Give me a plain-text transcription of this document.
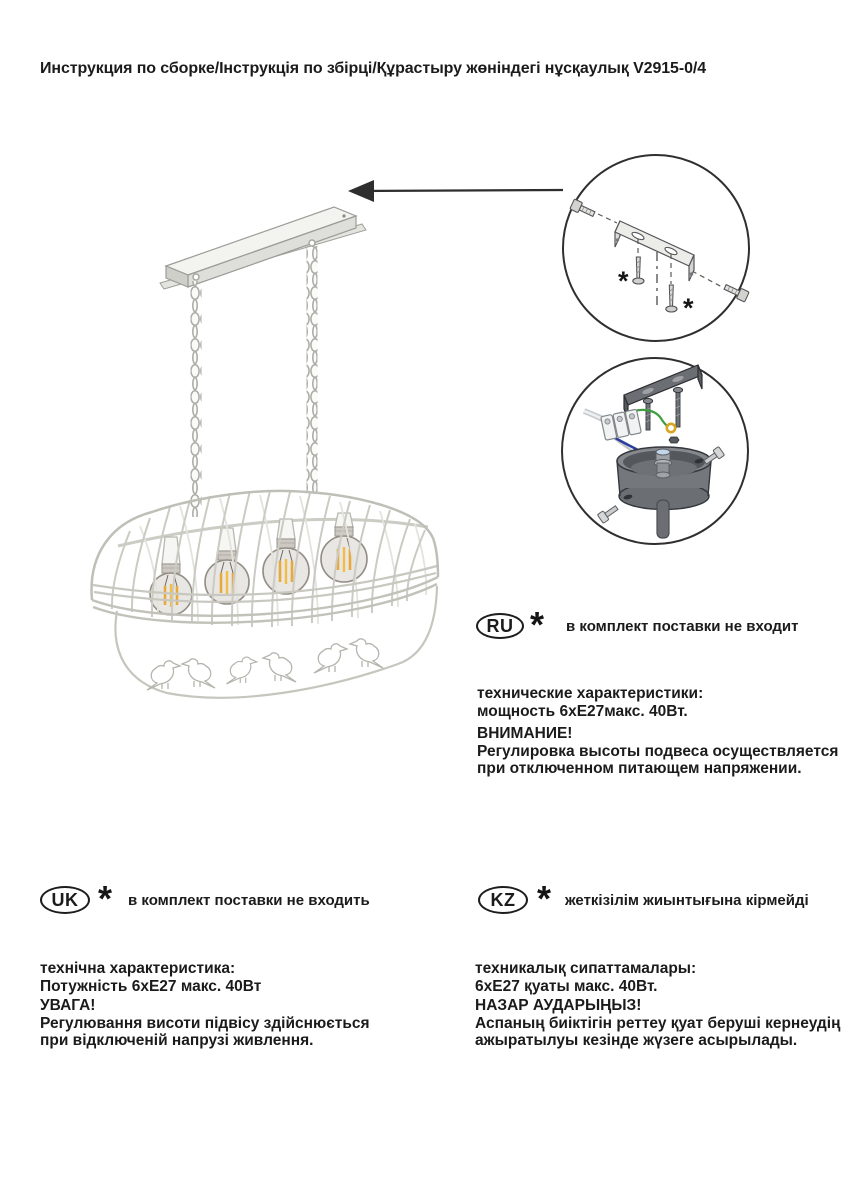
*
*
Инструкция по сборке/Інструкція по збірці/Құрастыру жөніндегі нұсқаулық V2915-0/4
RU * в комплект поставки не входит
технические характеристики:
мощность 6хЕ27макс. 40Вт.
ВНИМАНИЕ!
Регулировка высоты подвеса осуществляется
при отключенном питающем напряжении.
UK * в комплект поставки не входить
технічна характеристика:
Потужність 6хЕ27 макс. 40Вт
УВАГА!
Регулювання висоти підвісу здійснюється
при відключеній напрузі живлення.
KZ * жеткізілім жиынтығына кірмейді
техникалық сипаттамалары:
6хЕ27 қуаты макс. 40Вт.
НАЗАР АУДАРЫҢЫЗ!
Аспаның биіктігін реттеу қуат беруші кернеудің
ажыратылуы кезінде жүзеге асырылады.
